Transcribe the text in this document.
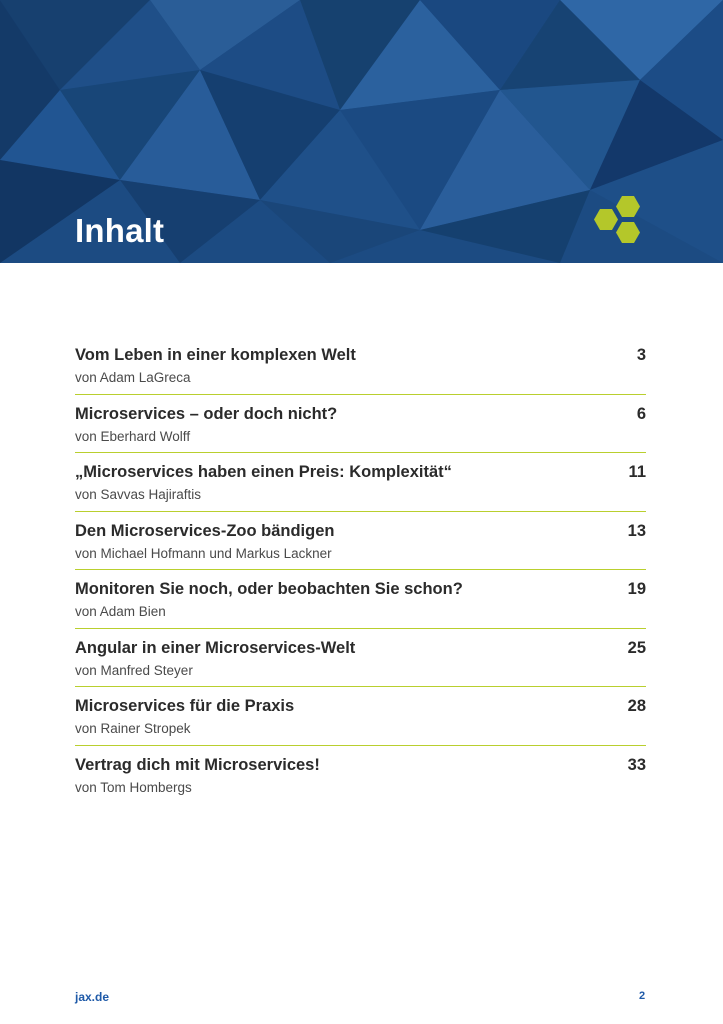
Inhalt
Vom Leben in einer komplexen Welt
von Adam LaGreca
3
Microservices – oder doch nicht?
von Eberhard Wolff
6
„Microservices haben einen Preis: Komplexität“
von Savvas Hajiraftis
11
Den Microservices-Zoo bändigen
von Michael Hofmann und Markus Lackner
13
Monitoren Sie noch, oder beobachten Sie schon?
von Adam Bien
19
Angular in einer Microservices-Welt
von Manfred Steyer
25
Microservices für die Praxis
von Rainer Stropek
28
Vertrag dich mit Microservices!
von Tom Hombergs
33
jax.de	2
